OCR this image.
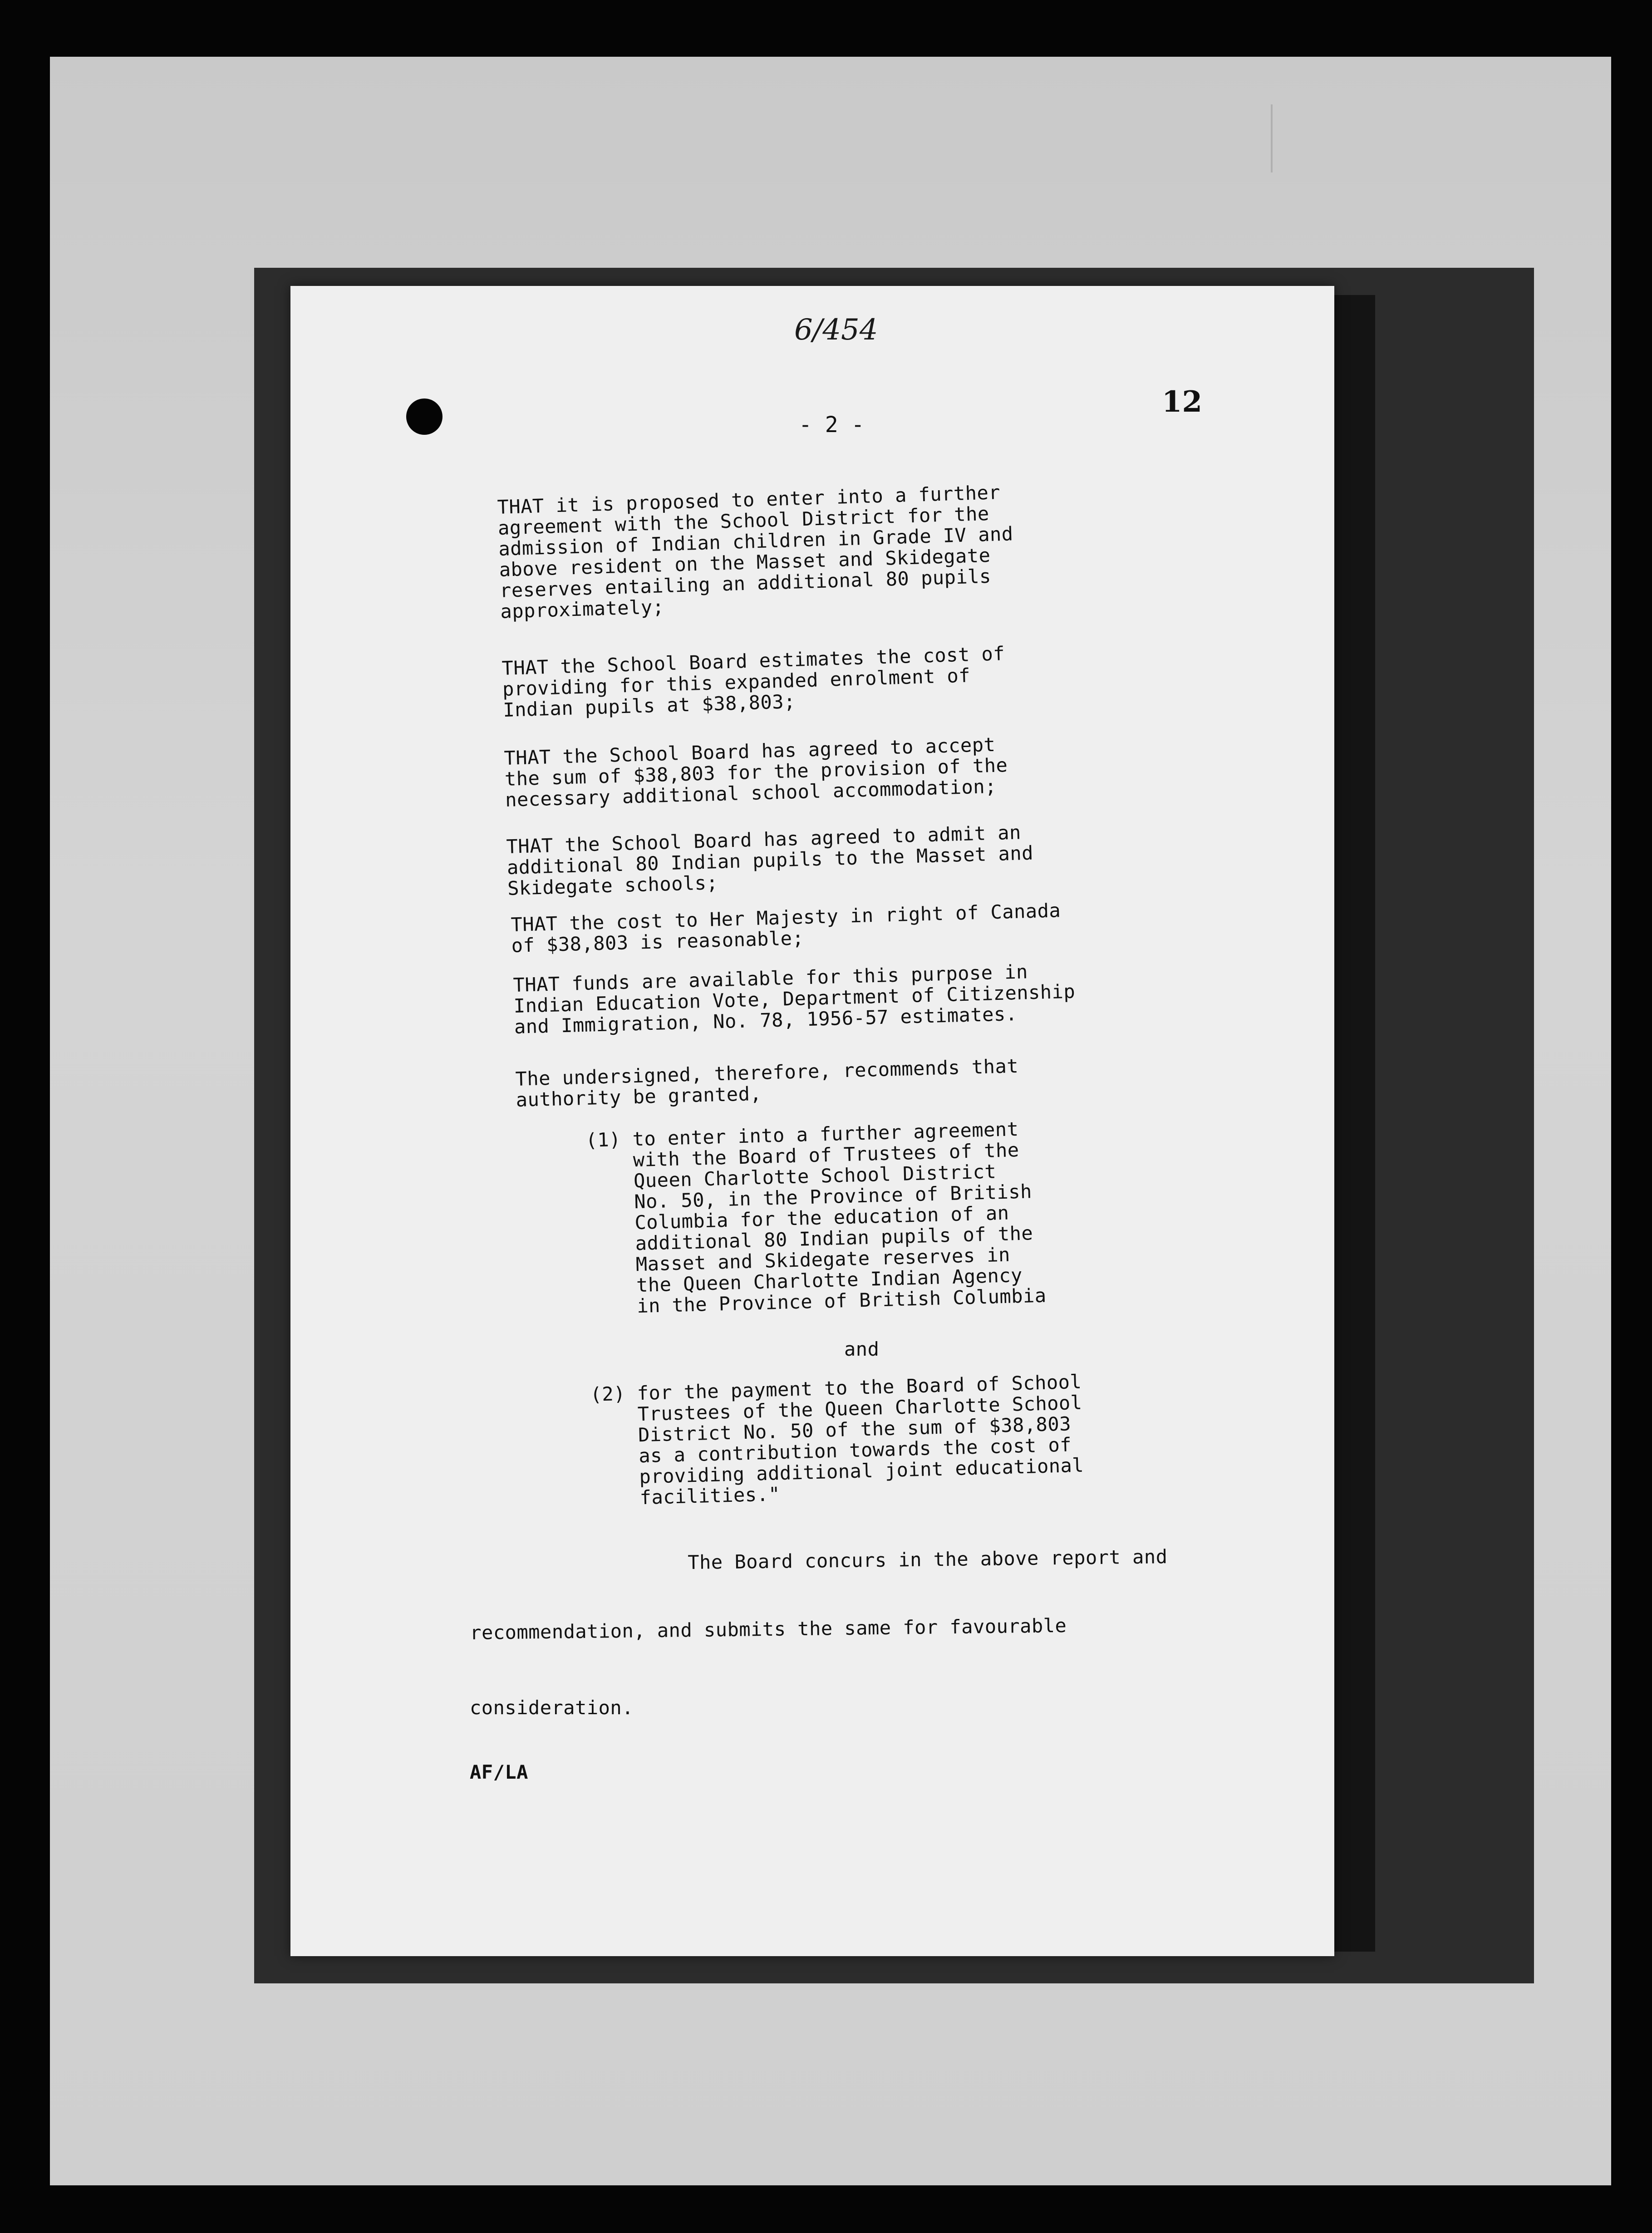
6/454
12
- 2 -
THAT it is proposed to enter into a further
agreement with the School District for the
admission of Indian children in Grade IV and
above resident on the Masset and Skidegate
reserves entailing an additional 80 pupils
approximately;
THAT the School Board estimates the cost of
providing for this expanded enrolment of
Indian pupils at $38,803;
THAT the School Board has agreed to accept
the sum of $38,803 for the provision of the
necessary additional school accommodation;
THAT the School Board has agreed to admit an
additional 80 Indian pupils to the Masset and
Skidegate schools;
THAT the cost to Her Majesty in right of Canada
of $38,803 is reasonable;
THAT funds are available for this purpose in
Indian Education Vote, Department of Citizenship
and Immigration, No. 78, 1956-57 estimates.
The undersigned, therefore, recommends that
authority be granted,
(1) to enter into a further agreement
with the Board of Trustees of the
Queen Charlotte School District
No. 50, in the Province of British
Columbia for the education of an
additional 80 Indian pupils of the
Masset and Skidegate reserves in
the Queen Charlotte Indian Agency
in the Province of British Columbia
and
(2) for the payment to the Board of School
Trustees of the Queen Charlotte School
District No. 50 of the sum of $38,803
as a contribution towards the cost of
providing additional joint educational
facilities."
The Board concurs in the above report and
recommendation, and submits the same for favourable
consideration.
AF/LA
